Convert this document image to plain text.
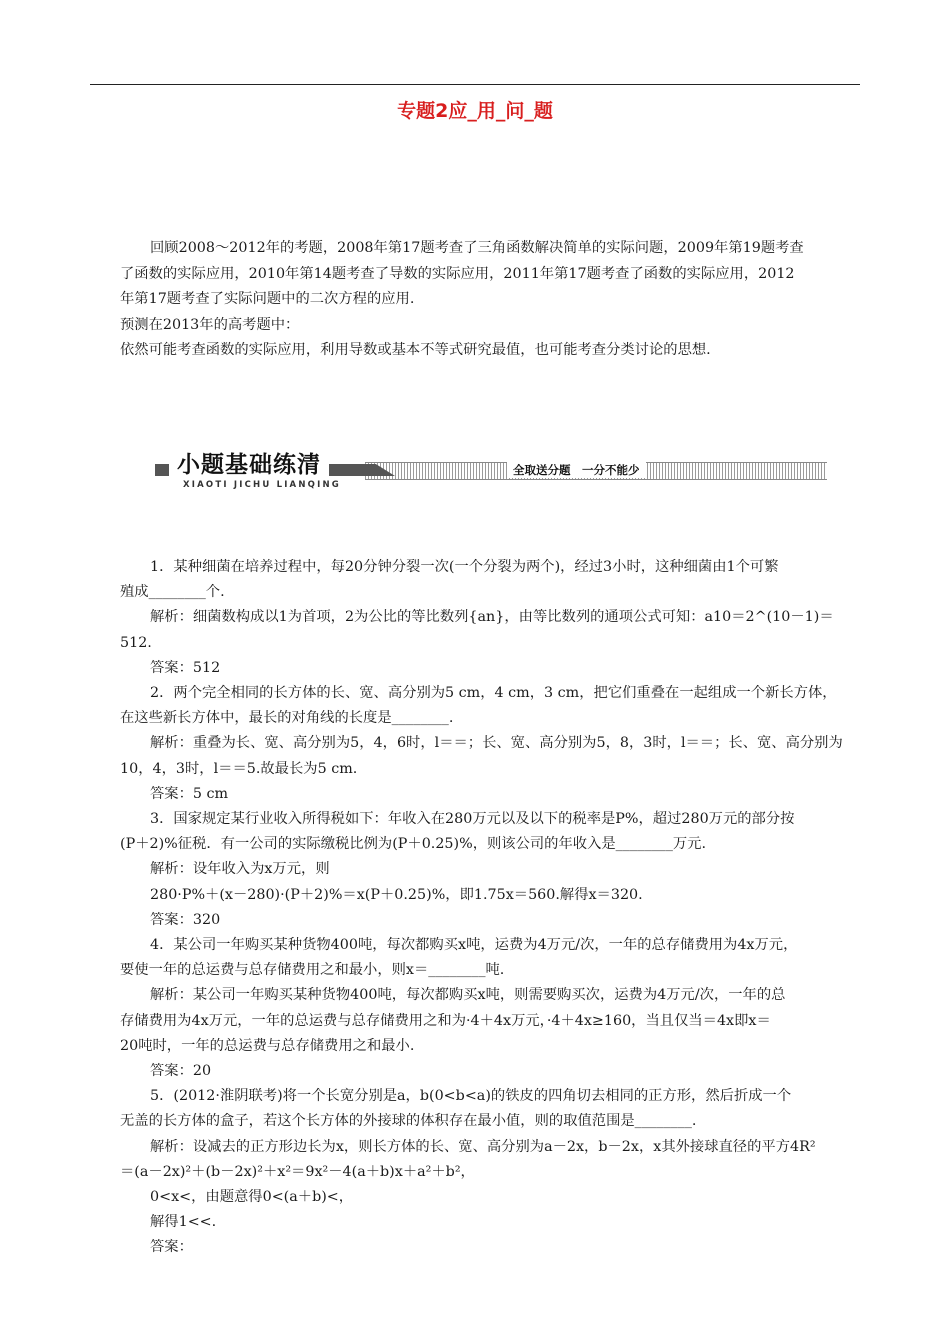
专题2应_用_问_题

回顾2008～2012年的考题，2008年第17题考查了三角函数解决简单的实际问题，2009年第19题考查
了函数的实际应用，2010年第14题考查了导数的实际应用，2011年第17题考查了函数的实际应用，2012
年第17题考查了实际问题中的二次方程的应用.

预测在2013年的高考题中：

依然可能考查函数的实际应用，利用导数或基本不等式研究最值，也可能考查分类讨论的思想.

小题基础练清
XIAOTI JICHU LIANQING
全取送分题　一分不能少

1．某种细菌在培养过程中，每20分钟分裂一次(一个分裂为两个)，经过3小时，这种细菌由1个可繁

殖成________个.

解析：细菌数构成以1为首项，2为公比的等比数列{an}，由等比数列的通项公式可知：a10＝2^(10－1)＝512.

答案：512

2．两个完全相同的长方体的长、宽、高分别为5 cm，4 cm，3 cm，把它们重叠在一起组成一个新长方体，

在这些新长方体中，最长的对角线的长度是________.

解析：重叠为长、宽、高分别为5，4，6时，l＝＝；长、宽、高分别为5，8，3时，l＝＝；长、宽、高分别为

10，4，3时，l＝＝5.故最长为5 cm.

答案：5 cm

3．国家规定某行业收入所得税如下：年收入在280万元以及以下的税率是P%，超过280万元的部分按

(P＋2)%征税．有一公司的实际缴税比例为(P＋0.25)%，则该公司的年收入是________万元.

解析：设年收入为x万元，则

280·P%＋(x－280)·(P＋2)%＝x(P＋0.25)%，即1.75x＝560.解得x＝320.

答案：320

4．某公司一年购买某种货物400吨，每次都购买x吨，运费为4万元/次，一年的总存储费用为4x万元，

要使一年的总运费与总存储费用之和最小，则x＝________吨.

解析：某公司一年购买某种货物400吨，每次都购买x吨，则需要购买次，运费为4万元/次，一年的总

存储费用为4x万元，一年的总运费与总存储费用之和为·4＋4x万元，·4＋4x≥160，当且仅当＝4x即x＝

20吨时，一年的总运费与总存储费用之和最小.

答案：20

5．(2012·淮阴联考)将一个长宽分别是a，b(0<b<a)的铁皮的四角切去相同的正方形，然后折成一个

无盖的长方体的盒子，若这个长方体的外接球的体积存在最小值，则的取值范围是________.

解析：设减去的正方形边长为x，则长方体的长、宽、高分别为a－2x，b－2x，x其外接球直径的平方4R²

＝(a－2x)²＋(b－2x)²＋x²＝9x²－4(a＋b)x＋a²＋b²，

0<x<，由题意得0<(a＋b)<，

解得1<<.

答案：
